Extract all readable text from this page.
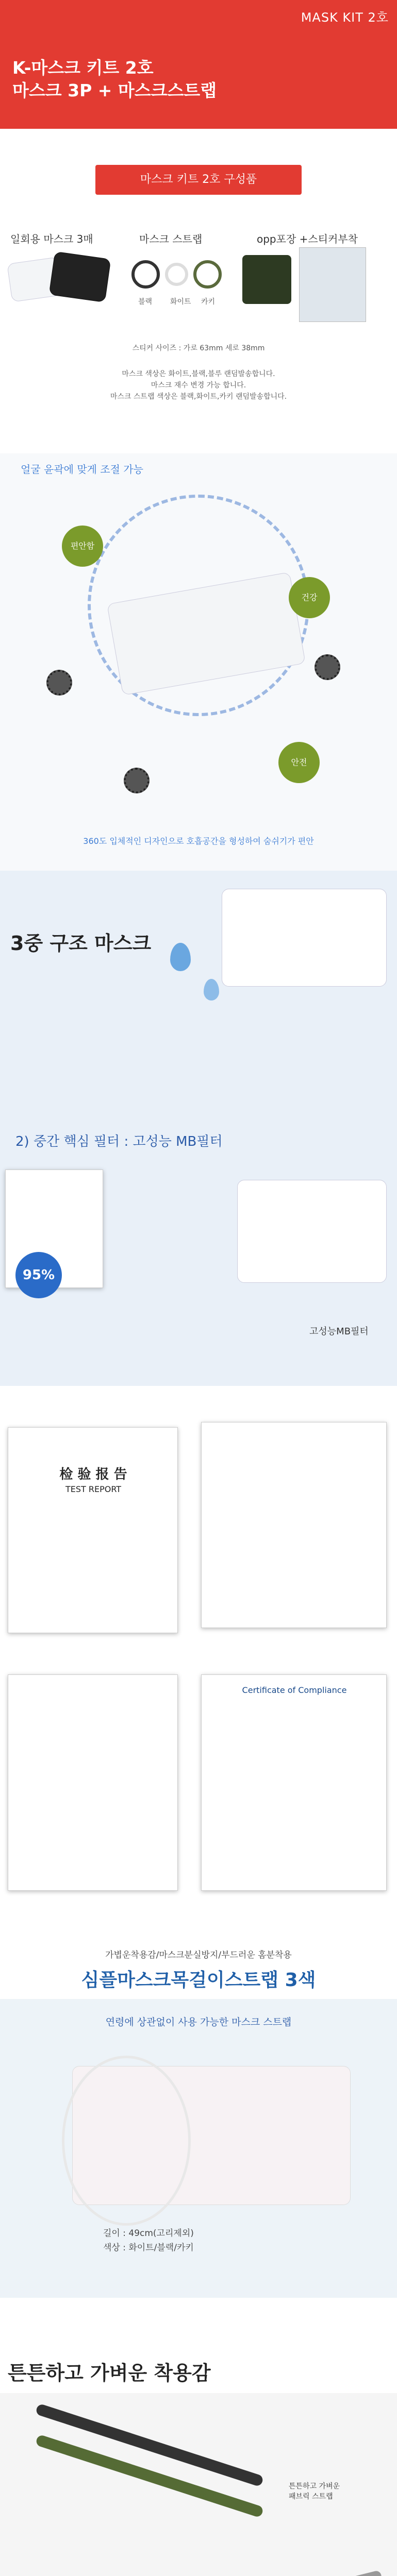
MASK KIT 2호
K-마스크 키트 2호
마스크 3P + 마스크스트랩
마스크 키트 2호 구성품
일회용 마스크 3매	마스크 스트랩	opp포장 +스티커부착
블랙 화이트 카키
스티커 사이즈 : 가로 63mm 세로 38mm
마스크 색상은 화이트,블랙,블루 랜덤발송합니다.
마스크 재수 변경 가능 합니다.
마스크 스트랩 색상은 블랙,화이트,카키 랜덤발송합니다.
얼굴 윤곽에 맞게 조절 가능
편안함
건강
안전
360도 입체적인 디자인으로 호흡공간을 형성하여 숨쉬기가 편안
3중 구조 마스크
2) 중간 핵심 필터 : 고성능 MB필터
95%
고성능MB필터
检 验 报 告
TEST REPORT
Certificate of Compliance
가볍운착용감/마스크분실방지/부드러운 홈분착용
심플마스크목걸이스트랩 3색
연령에 상관없이 사용 가능한 마스크 스트랩
길이 : 49cm(고리제외)
색상 : 화이트/블랙/카키
튼튼하고 가벼운 착용감
튼튼하고 가벼운
패브릭 스트랩
